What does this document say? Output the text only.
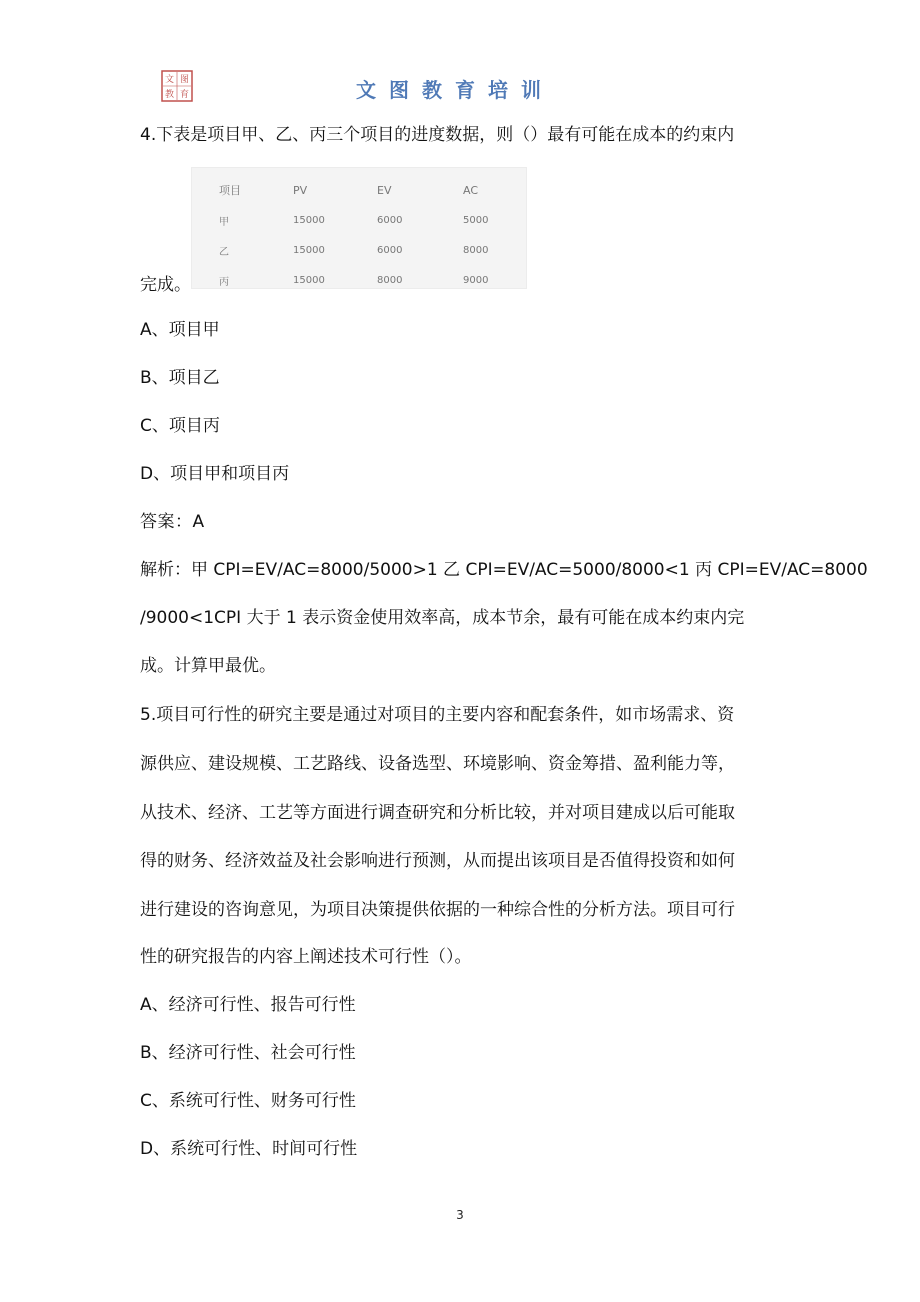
文 图
教 育	文图教育培训
4.下表是项目甲、乙、丙三个项目的进度数据，则（）最有可能在成本的约束内
项目	PV	EV	AC
甲	15000	6000	5000
乙	15000	6000	8000
丙	15000	8000	9000
完成。
A、项目甲
B、项目乙
C、项目丙
D、项目甲和项目丙
答案：A
解析：甲 CPI=EV/AC=8000/5000>1 乙 CPI=EV/AC=5000/8000<1 丙 CPI=EV/AC=8000
/9000<1CPI 大于 1 表示资金使用效率高，成本节余，最有可能在成本约束内完
成。计算甲最优。
5.项目可行性的研究主要是通过对项目的主要内容和配套条件，如市场需求、资
源供应、建设规模、工艺路线、设备选型、环境影响、资金筹措、盈利能力等，
从技术、经济、工艺等方面进行调查研究和分析比较，并对项目建成以后可能取
得的财务、经济效益及社会影响进行预测，从而提出该项目是否值得投资和如何
进行建设的咨询意见，为项目决策提供依据的一种综合性的分析方法。项目可行
性的研究报告的内容上阐述技术可行性（）。
A、经济可行性、报告可行性
B、经济可行性、社会可行性
C、系统可行性、财务可行性
D、系统可行性、时间可行性
3
